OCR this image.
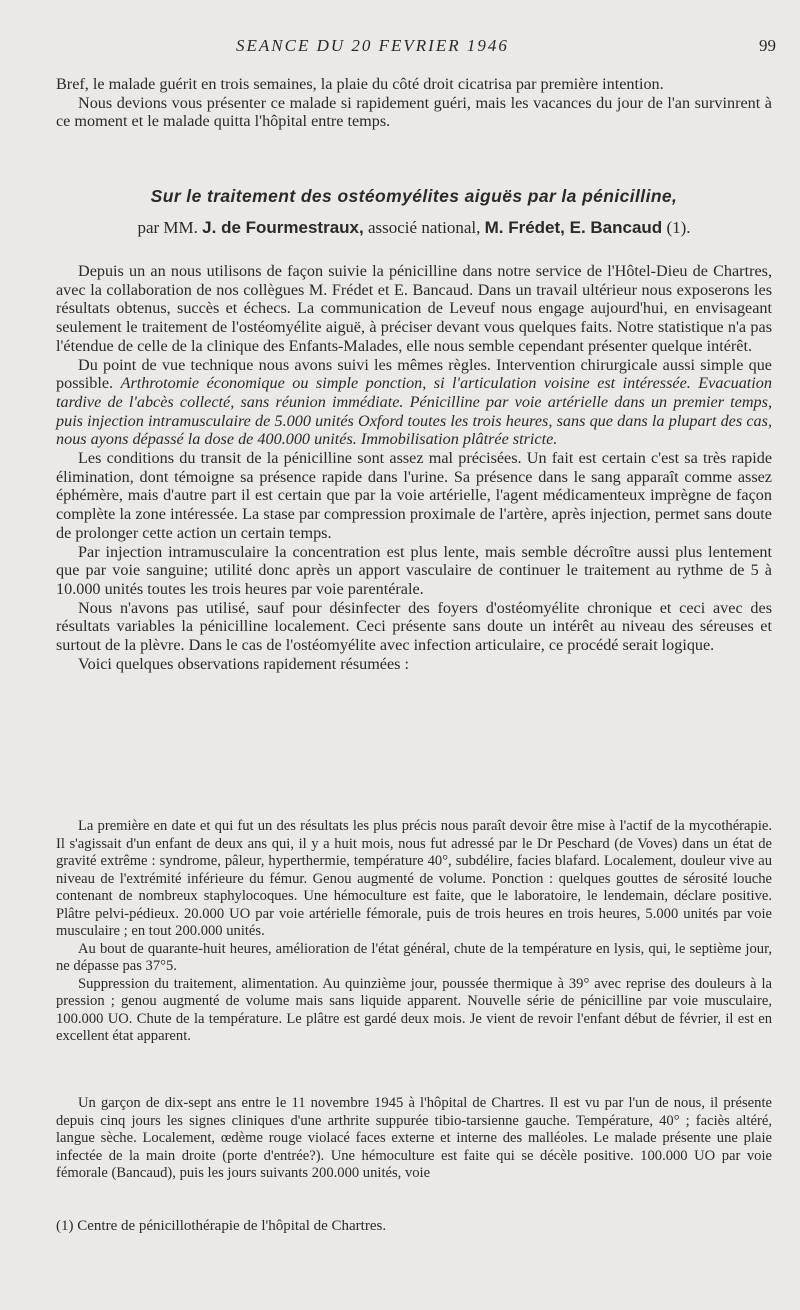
SEANCE DU 20 FEVRIER 1946	99

Bref, le malade guérit en trois semaines, la plaie du côté droit cicatrisa par première intention.

Nous devions vous présenter ce malade si rapidement guéri, mais les vacances du jour de l'an survinrent à ce moment et le malade quitta l'hôpital entre temps.

Sur le traitement des ostéomyélites aiguës par la pénicilline,
par MM. J. de Fourmestraux, associé national, M. Frédet, E. Bancaud (1).

Depuis un an nous utilisons de façon suivie la pénicilline dans notre service de l'Hôtel-Dieu de Chartres, avec la collaboration de nos collègues M. Frédet et E. Bancaud. Dans un travail ultérieur nous exposerons les résultats obtenus, succès et échecs. La communication de Leveuf nous engage aujourd'hui, en envisageant seulement le traitement de l'ostéomyélite aiguë, à préciser devant vous quelques faits. Notre statistique n'a pas l'étendue de celle de la clinique des Enfants-Malades, elle nous semble cependant présenter quelque intérêt.

Du point de vue technique nous avons suivi les mêmes règles. Intervention chirurgicale aussi simple que possible. Arthrotomie économique ou simple ponction, si l'articulation voisine est intéressée. Evacuation tardive de l'abcès collecté, sans réunion immédiate. Pénicilline par voie artérielle dans un premier temps, puis injection intramusculaire de 5.000 unités Oxford toutes les trois heures, sans que dans la plupart des cas, nous ayons dépassé la dose de 400.000 unités. Immobilisation plâtrée stricte.

Les conditions du transit de la pénicilline sont assez mal précisées. Un fait est certain c'est sa très rapide élimination, dont témoigne sa présence rapide dans l'urine. Sa présence dans le sang apparaît comme assez éphémère, mais d'autre part il est certain que par la voie artérielle, l'agent médicamenteux imprègne de façon complète la zone intéressée. La stase par compression proximale de l'artère, après injection, permet sans doute de prolonger cette action un certain temps.

Par injection intramusculaire la concentration est plus lente, mais semble décroître aussi plus lentement que par voie sanguine; utilité donc après un apport vasculaire de continuer le traitement au rythme de 5 à 10.000 unités toutes les trois heures par voie parentérale.

Nous n'avons pas utilisé, sauf pour désinfecter des foyers d'ostéomyélite chronique et ceci avec des résultats variables la pénicilline localement. Ceci présente sans doute un intérêt au niveau des séreuses et surtout de la plèvre. Dans le cas de l'ostéomyélite avec infection articulaire, ce procédé serait logique.

Voici quelques observations rapidement résumées :

La première en date et qui fut un des résultats les plus précis nous paraît devoir être mise à l'actif de la mycothérapie. Il s'agissait d'un enfant de deux ans qui, il y a huit mois, nous fut adressé par le Dr Peschard (de Voves) dans un état de gravité extrême : syndrome, pâleur, hyperthermie, température 40°, subdélire, facies blafard. Localement, douleur vive au niveau de l'extrémité inférieure du fémur. Genou augmenté de volume. Ponction : quelques gouttes de sérosité louche contenant de nombreux staphylocoques. Une hémoculture est faite, que le laboratoire, le lendemain, déclare positive. Plâtre pelvi-pédieux. 20.000 UO par voie artérielle fémorale, puis de trois heures en trois heures, 5.000 unités par voie musculaire ; en tout 200.000 unités.

Au bout de quarante-huit heures, amélioration de l'état général, chute de la température en lysis, qui, le septième jour, ne dépasse pas 37°5.

Suppression du traitement, alimentation. Au quinzième jour, poussée thermique à 39° avec reprise des douleurs à la pression ; genou augmenté de volume mais sans liquide apparent. Nouvelle série de pénicilline par voie musculaire, 100.000 UO. Chute de la température. Le plâtre est gardé deux mois. Je vient de revoir l'enfant début de février, il est en excellent état apparent.

Un garçon de dix-sept ans entre le 11 novembre 1945 à l'hôpital de Chartres. Il est vu par l'un de nous, il présente depuis cinq jours les signes cliniques d'une arthrite suppurée tibio-tarsienne gauche. Température, 40° ; faciès altéré, langue sèche. Localement, œdème rouge violacé faces externe et interne des malléoles. Le malade présente une plaie infectée de la main droite (porte d'entrée?). Une hémoculture est faite qui se décèle positive. 100.000 UO par voie fémorale (Bancaud), puis les jours suivants 200.000 unités, voie

(1) Centre de pénicillothérapie de l'hôpital de Chartres.
